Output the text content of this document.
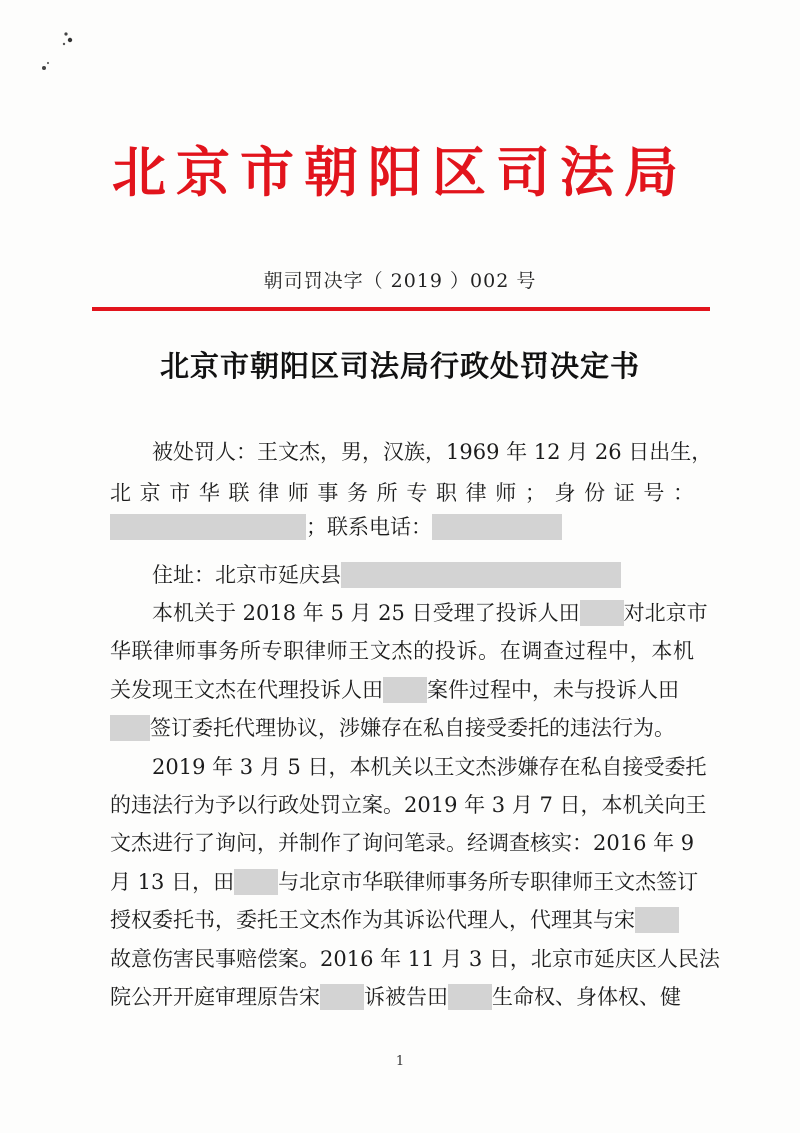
北京市朝阳区司法局
朝司罚决字（ 2019 ）002 号
北京市朝阳区司法局行政处罚决定书
被处罚人：王文杰，男，汉族，1969 年 12 月 26 日出生，
北京市华联律师事务所专职律师；身份证号：
；联系电话：
住址：北京市延庆县
本机关于 2018 年 5 月 25 日受理了投诉人田 对北京市
华联律师事务所专职律师王文杰的投诉。在调查过程中，本机
关发现王文杰在代理投诉人田 案件过程中，未与投诉人田
签订委托代理协议，涉嫌存在私自接受委托的违法行为。
2019 年 3 月 5 日，本机关以王文杰涉嫌存在私自接受委托
的违法行为予以行政处罚立案。2019 年 3 月 7 日，本机关向王
文杰进行了询问，并制作了询问笔录。经调查核实：2016 年 9
月 13 日，田 与北京市华联律师事务所专职律师王文杰签订
授权委托书，委托王文杰作为其诉讼代理人，代理其与宋
故意伤害民事赔偿案。2016 年 11 月 3 日，北京市延庆区人民法
院公开开庭审理原告宋 诉被告田 生命权、身体权、健
1
